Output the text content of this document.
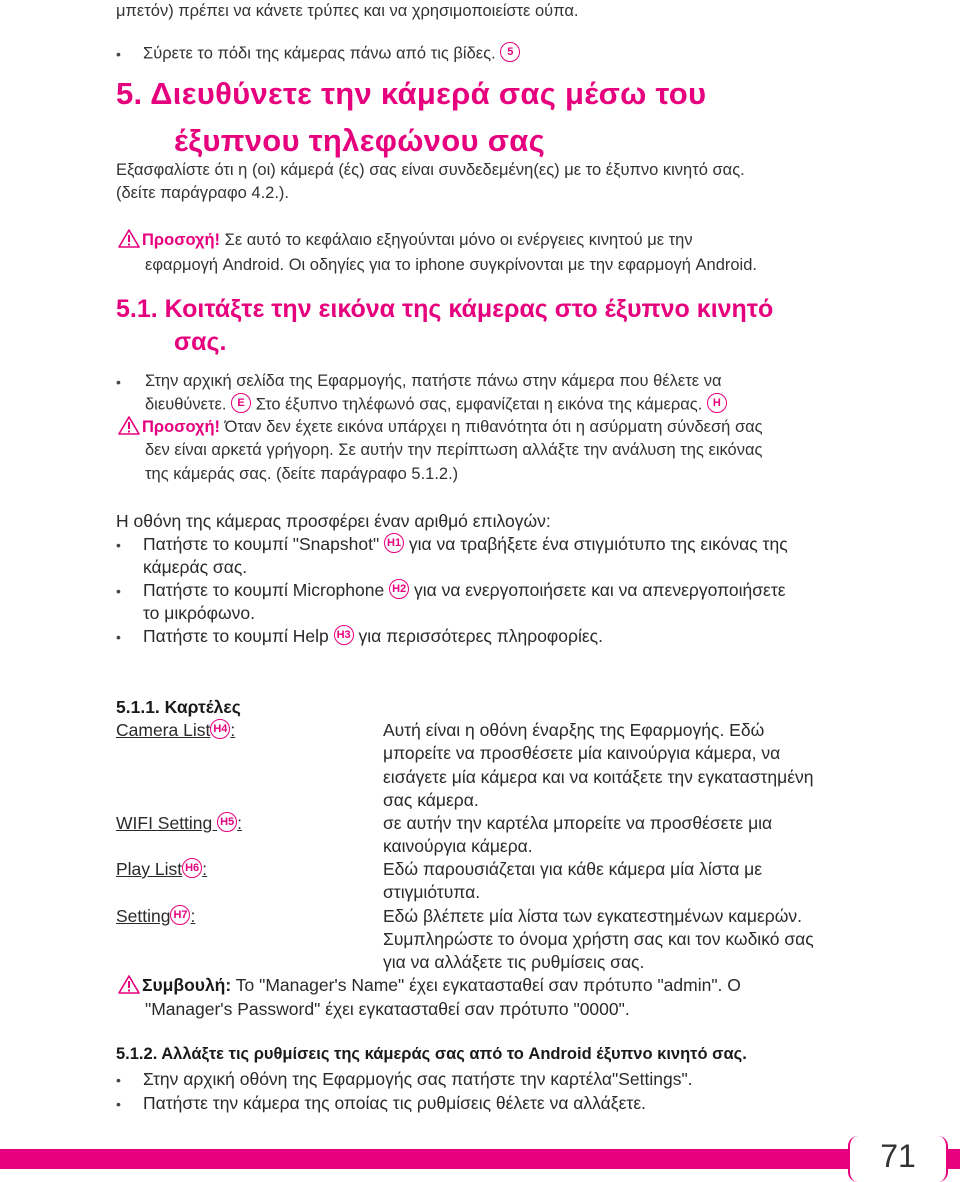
μπετόν) πρέπει να κάνετε τρύπες και να χρησιμοποιείστε ούπα.
• Σύρετε το πόδι της κάμερας πάνω από τις βίδες. 5
5. Διευθύνετε την κάμερά σας μέσω του
έξυπνου τηλεφώνου σας
Εξασφαλίστε ότι η (οι) κάμερά (ές) σας είναι συνδεδεμένη(ες) με το έξυπνο κινητό σας.
(δείτε παράγραφο 4.2.).
Προσοχή! Σε αυτό το κεφάλαιο εξηγούνται μόνο οι ενέργειες κινητού με την
εφαρμογή Android. Οι οδηγίες για το iphone συγκρίνονται με την εφαρμογή Android.
5.1. Κοιτάξτε την εικόνα της κάμερας στο έξυπνο κινητό
σας.
• Στην αρχική σελίδα της Εφαρμογής, πατήστε πάνω στην κάμερα που θέλετε να
διευθύνετε. E Στο έξυπνο τηλέφωνό σας, εμφανίζεται η εικόνα της κάμερας. H
Προσοχή! Όταν δεν έχετε εικόνα υπάρχει η πιθανότητα ότι η ασύρματη σύνδεσή σας
δεν είναι αρκετά γρήγορη. Σε αυτήν την περίπτωση αλλάξτε την ανάλυση της εικόνας
της κάμεράς σας. (δείτε παράγραφο 5.1.2.)
Η οθόνη της κάμερας προσφέρει έναν αριθμό επιλογών:
• Πατήστε το κουμπί "Snapshot" H1 για να τραβήξετε ένα στιγμιότυπο της εικόνας της
κάμεράς σας.
• Πατήστε το κουμπί Microphone H2 για να ενεργοποιήσετε και να απενεργοποιήσετε
το μικρόφωνο.
• Πατήστε το κουμπί Help H3 για περισσότερες πληροφορίες.
5.1.1. Καρτέλες
Camera List H4 :	Αυτή είναι η οθόνη έναρξης της Εφαρμογής. Εδώ
μπορείτε να προσθέσετε μία καινούργια κάμερα, να
εισάγετε μία κάμερα και να κοιτάξετε την εγκαταστημένη
σας κάμερα.
WIFI Setting H5 :	σε αυτήν την καρτέλα μπορείτε να προσθέσετε μια
καινούργια κάμερα.
Play List H6 :	Εδώ παρουσιάζεται για κάθε κάμερα μία λίστα με
στιγμιότυπα.
Setting H7 :	Εδώ βλέπετε μία λίστα των εγκατεστημένων καμερών.
Συμπληρώστε το όνομα χρήστη σας και τον κωδικό σας
για να αλλάξετε τις ρυθμίσεις σας.
Συμβουλή: Το "Manager's Name" έχει εγκατασταθεί σαν πρότυπο "admin". Ο
"Manager's Password" έχει εγκατασταθεί σαν πρότυπο "0000".
5.1.2. Αλλάξτε τις ρυθμίσεις της κάμεράς σας από το Android έξυπνο κινητό σας.
• Στην αρχική οθόνη της Εφαρμογής σας πατήστε την καρτέλα"Settings".
• Πατήστε την κάμερα της οποίας τις ρυθμίσεις θέλετε να αλλάξετε.
71
